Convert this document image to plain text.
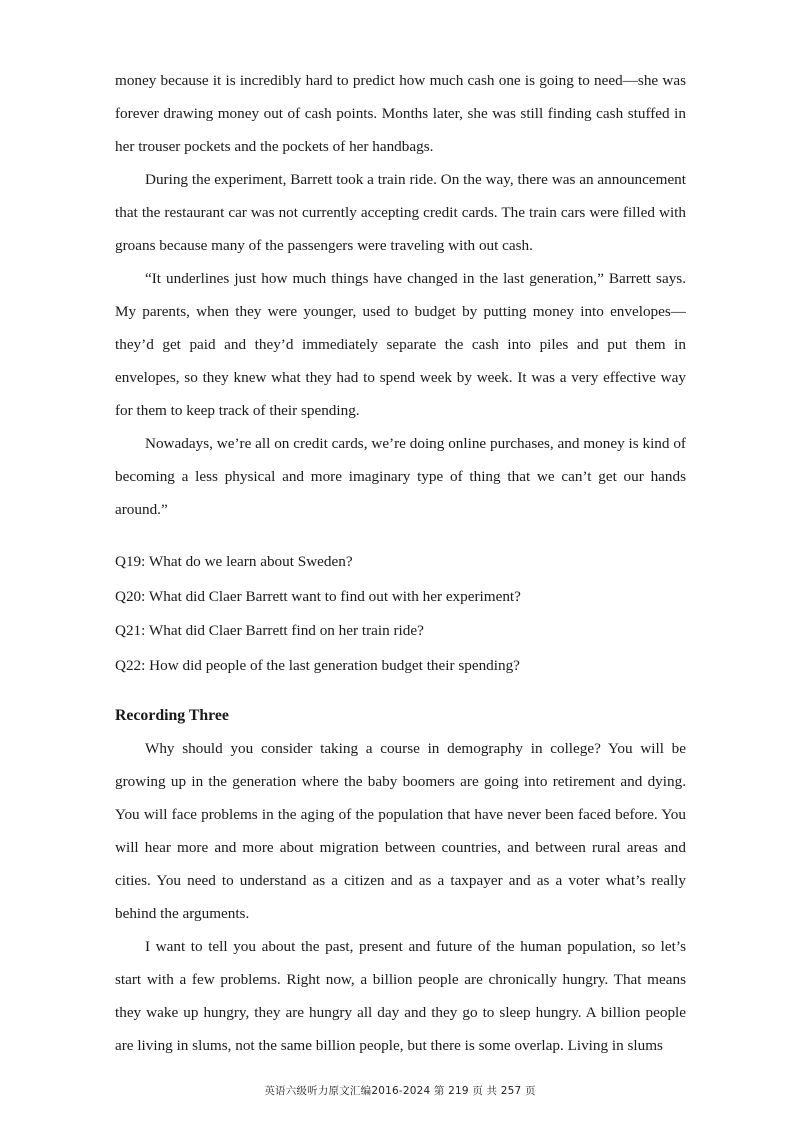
money because it is incredibly hard to predict how much cash one is going to need—she was forever drawing money out of cash points. Months later, she was still finding cash stuffed in her trouser pockets and the pockets of her handbags.

During the experiment, Barrett took a train ride. On the way, there was an announcement that the restaurant car was not currently accepting credit cards. The train cars were filled with groans because many of the passengers were traveling with out cash.

“It underlines just how much things have changed in the last generation,” Barrett says. My parents, when they were younger, used to budget by putting money into envelopes—they’d get paid and they’d immediately separate the cash into piles and put them in envelopes, so they knew what they had to spend week by week. It was a very effective way for them to keep track of their spending.

Nowadays, we’re all on credit cards, we’re doing online purchases, and money is kind of becoming a less physical and more imaginary type of thing that we can’t get our hands around.”

Q19: What do we learn about Sweden?

Q20: What did Claer Barrett want to find out with her experiment?

Q21: What did Claer Barrett find on her train ride?

Q22: How did people of the last generation budget their spending?

Recording Three

Why should you consider taking a course in demography in college? You will be growing up in the generation where the baby boomers are going into retirement and dying. You will face problems in the aging of the population that have never been faced before. You will hear more and more about migration between countries, and between rural areas and cities. You need to understand as a citizen and as a taxpayer and as a voter what’s really behind the arguments.

I want to tell you about the past, present and future of the human population, so let’s start with a few problems. Right now, a billion people are chronically hungry. That means they wake up hungry, they are hungry all day and they go to sleep hungry. A billion people are living in slums, not the same billion people, but there is some overlap. Living in slums

英语六级听力原文汇编2016-2024 第 219 页 共 257 页
